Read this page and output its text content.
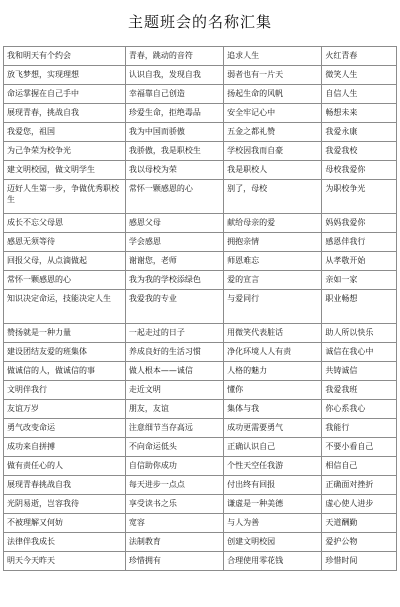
主题班会的名称汇集
我和明天有个约会	青春，跳动的音符	追求人生	火红青春
放飞梦想，实现理想	认识自我，发现自我	弱者也有一片天	微笑人生
命运掌握在自己手中	幸福靠自己创造	扬起生命的风帆	自信人生
展现青春，挑战自我	珍爱生命，拒绝毒品	安全牢记心中	畅想未来
我爱您，祖国	我为中国而骄傲	五金之都礼赞	我爱永康
为己争荣为校争光	我骄傲，我是职校生	学校因我而自豪	我爱我校
建文明校园，做文明学生	我以母校为荣	我是职校人	母校我爱你
迈好人生第一步，争做优秀职校生	常怀一颗感恩的心	别了，母校	为职校争光
成长不忘父母恩	感恩父母	献给母亲的爱	妈妈我爱你
感恩无须等待	学会感恩	拥抱亲情	感恩伴我行
回报父母，从点滴做起	谢谢您，老师	师恩难忘	从孝敬开始
常怀一颗感恩的心	我为我的学校添绿色	爱的宣言	亲如一家
知识决定命运，技能决定人生	我爱我的专业	与爱同行	职业畅想
赞扬就是一种力量	一起走过的日子	用微笑代表脏话	助人所以快乐
建设团结友爱的班集体	养成良好的生活习惯	净化环境人人有责	诚信在我心中
做诚信的人，做诚信的事	做人根本——诚信	人格的魅力	共铸诚信
文明伴我行	走近文明	懂你	我爱我班
友谊万岁	朋友，友谊	集体与我	你心系我心
勇气改变命运	注意细节当存高远	成功更需要勇气	我能行
成功来自拼搏	不向命运低头	正确认识自己	不要小看自己
做有责任心的人	自信助你成功	个性天空任我游	相信自己
展现青春挑战自我	每天进步一点点	付出终有回报	正确面对挫折
光阴易逝，岂容我待	享受读书之乐	谦虚是一种美德	虚心使人进步
不被理解又何妨	宽容	与人为善	天道酬勤
法律伴我成长	法制教育	创建文明校园	爱护公物
明天今天昨天	珍惜拥有	合理使用零花钱	珍惜时间
